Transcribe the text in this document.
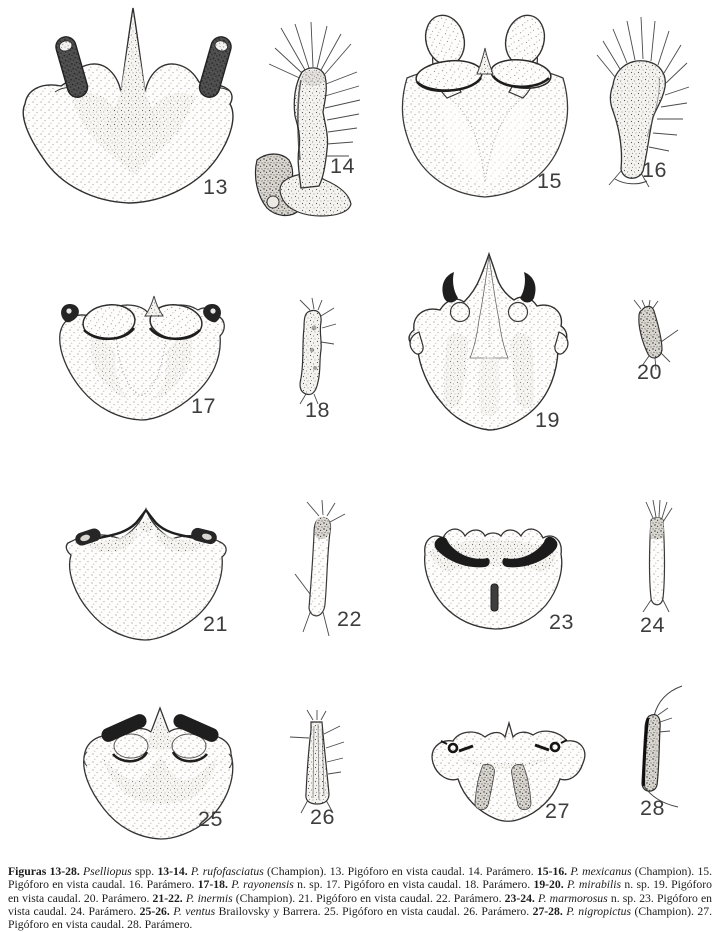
13
14
15	16
17	18	19
20
21	22	23	24
25	26	27	28

Figuras 13-28. Pselliopus spp. 13-14. P. rufofasciatus (Champion). 13. Pigóforo en vista caudal. 14. Parámero. 15-16. P. mexicanus (Champion). 15. Pigóforo en vista caudal. 16. Parámero. 17-18. P. rayonensis n. sp. 17. Pigóforo en vista caudal. 18. Parámero. 19-20. P. mirabilis n. sp. 19. Pigóforo en vista caudal. 20. Parámero. 21-22. P. inermis (Champion). 21. Pigóforo en vista caudal. 22. Parámero. 23-24. P. marmorosus n. sp. 23. Pigóforo en vista caudal. 24. Parámero. 25-26. P. ventus Brailovsky y Barrera. 25. Pigóforo en vista caudal. 26. Parámero. 27-28. P. nigropictus (Champion). 27. Pigóforo en vista caudal. 28. Parámero.
